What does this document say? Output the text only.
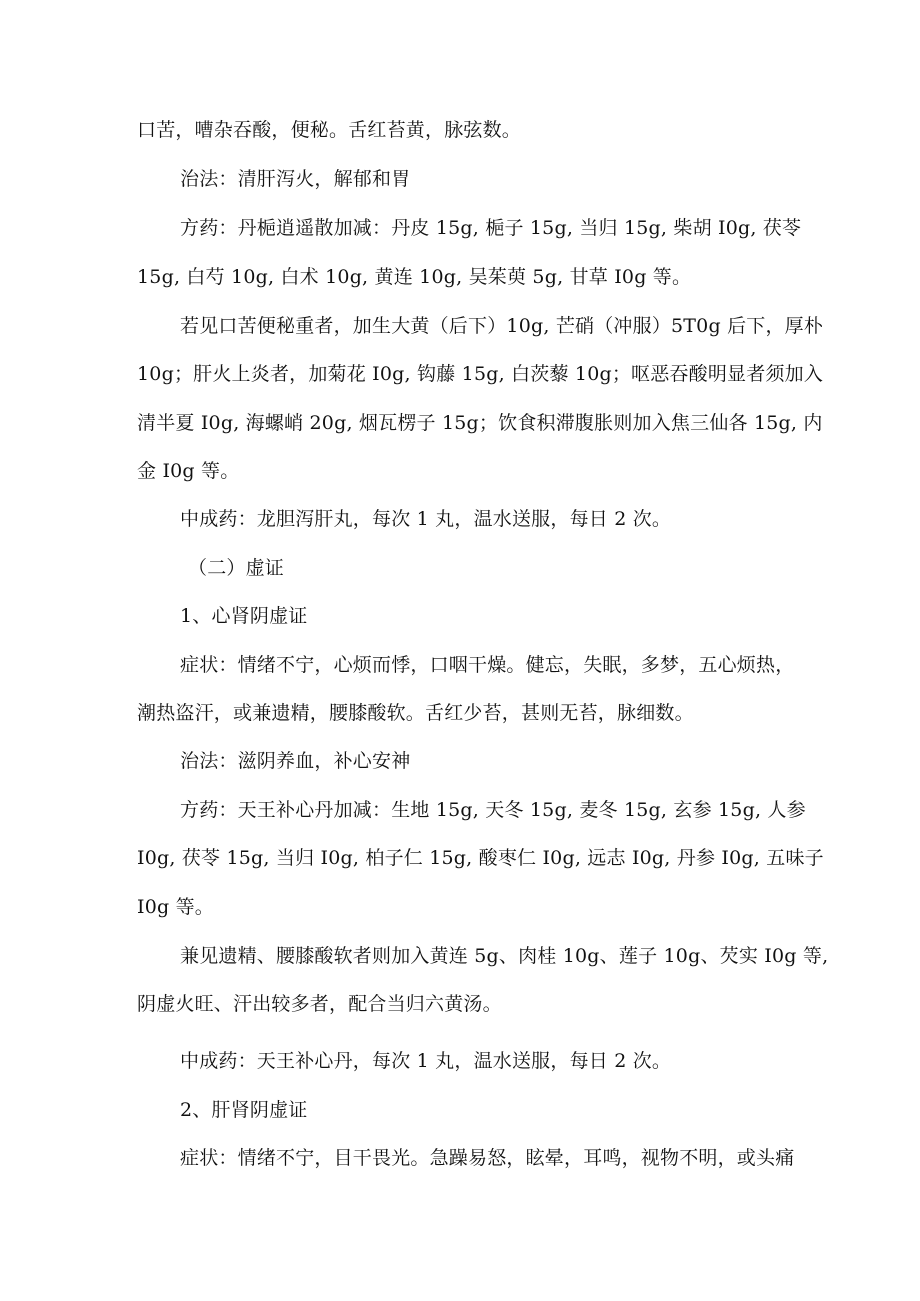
口苦，嘈杂吞酸，便秘。舌红苔黄，脉弦数。
治法：清肝泻火，解郁和胃
方药：丹梔逍遥散加减：丹皮 15g, 梔子 15g, 当归 15g, 柴胡 I0g, 茯苓
15g, 白芍 10g, 白术 10g, 黄连 10g, 吴茱萸 5g, 甘草 I0g 等。
若见口苦便秘重者，加生大黄（后下）10g, 芒硝（冲服）5T0g 后下，厚朴
10g；肝火上炎者，加菊花 I0g, 钩藤 15g, 白茨藜 10g；呕恶吞酸明显者须加入
清半夏 I0g, 海螺峭 20g, 烟瓦楞子 15g；饮食积滞腹胀则加入焦三仙各 15g, 内
金 I0g 等。
中成药：龙胆泻肝丸，每次 1 丸，温水送服，每日 2 次。
（二）虚证
1、心肾阴虚证
症状：情绪不宁，心烦而悸，口咽干燥。健忘，失眠，多梦，五心烦热，
潮热盗汗，或兼遗精，腰膝酸软。舌红少苔，甚则无苔，脉细数。
治法：滋阴养血，补心安神
方药：天王补心丹加减：生地 15g, 天冬 15g, 麦冬 15g, 玄参 15g, 人参
I0g, 茯苓 15g, 当归 I0g, 柏子仁 15g, 酸枣仁 I0g, 远志 I0g, 丹参 I0g, 五味子
I0g 等。
兼见遗精、腰膝酸软者则加入黄连 5g、肉桂 10g、莲子 10g、芡实 I0g 等,
阴虚火旺、汗出较多者，配合当归六黄汤。
中成药：天王补心丹，每次 1 丸，温水送服，每日 2 次。
2、肝肾阴虚证
症状：情绪不宁，目干畏光。急躁易怒，眩晕，耳鸣，视物不明，或头痛
